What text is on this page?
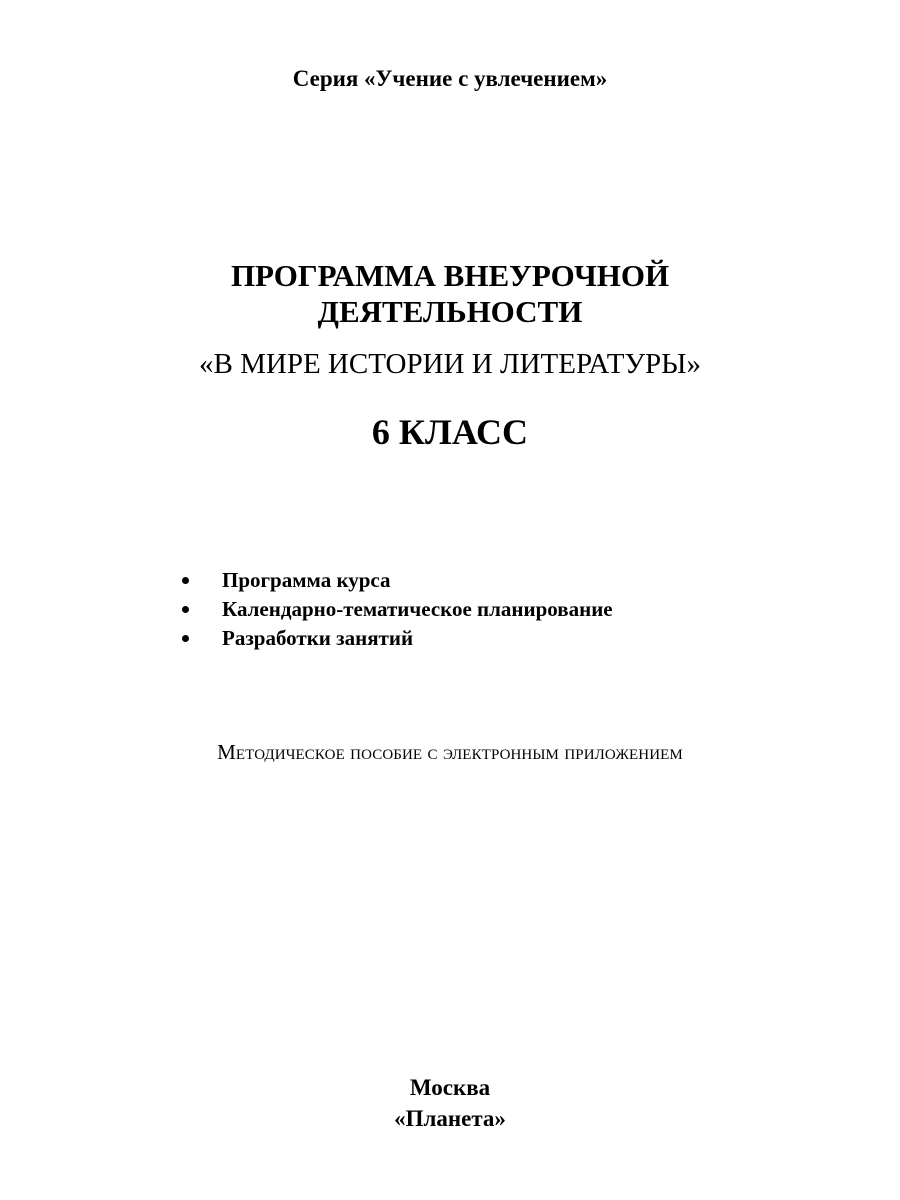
Серия «Учение с увлечением»
ПРОГРАММА ВНЕУРОЧНОЙ
ДЕЯТЕЛЬНОСТИ
«В МИРЕ ИСТОРИИ И ЛИТЕРАТУРЫ»
6 КЛАСС
Программа курса
Календарно-тематическое планирование
Разработки занятий
Методическое пособие с электронным приложением
Москва
«Планета»
